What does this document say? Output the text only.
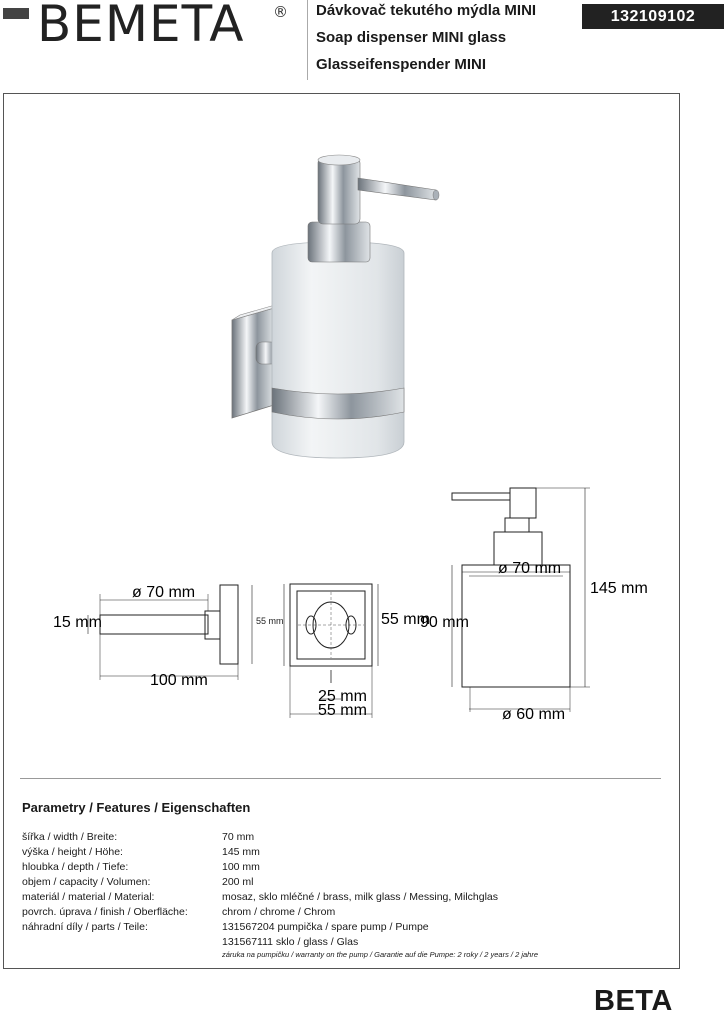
BEMETA ® Dávkovač tekutého mýdla MINI
Soap dispenser MINI glass
Glasseifenspender MINI
132109102
ø 70 mm
15 mm
100 mm
55 mm
25 mm
55 mm
ø 70 mm
145 mm
90 mm
ø 60 mm
Parametry / Features / Eigenschaften
šířka / width / Breite:	70 mm
výška / height / Höhe:	145 mm
hloubka / depth / Tiefe:	100 mm
objem / capacity / Volumen:	200 ml
materiál / material / Material:	mosaz, sklo mléčné / brass, milk glass / Messing, Milchglas
povrch. úprava / finish / Oberfläche:	chrom / chrome / Chrom
náhradní díly / parts / Teile:	131567204 pumpička / spare pump / Pumpe
131567111 sklo / glass / Glas
záruka na pumpičku / warranty on the pump / Garantie auf die Pumpe: 2 roky / 2 years / 2 jahre
BETA
55 mm
